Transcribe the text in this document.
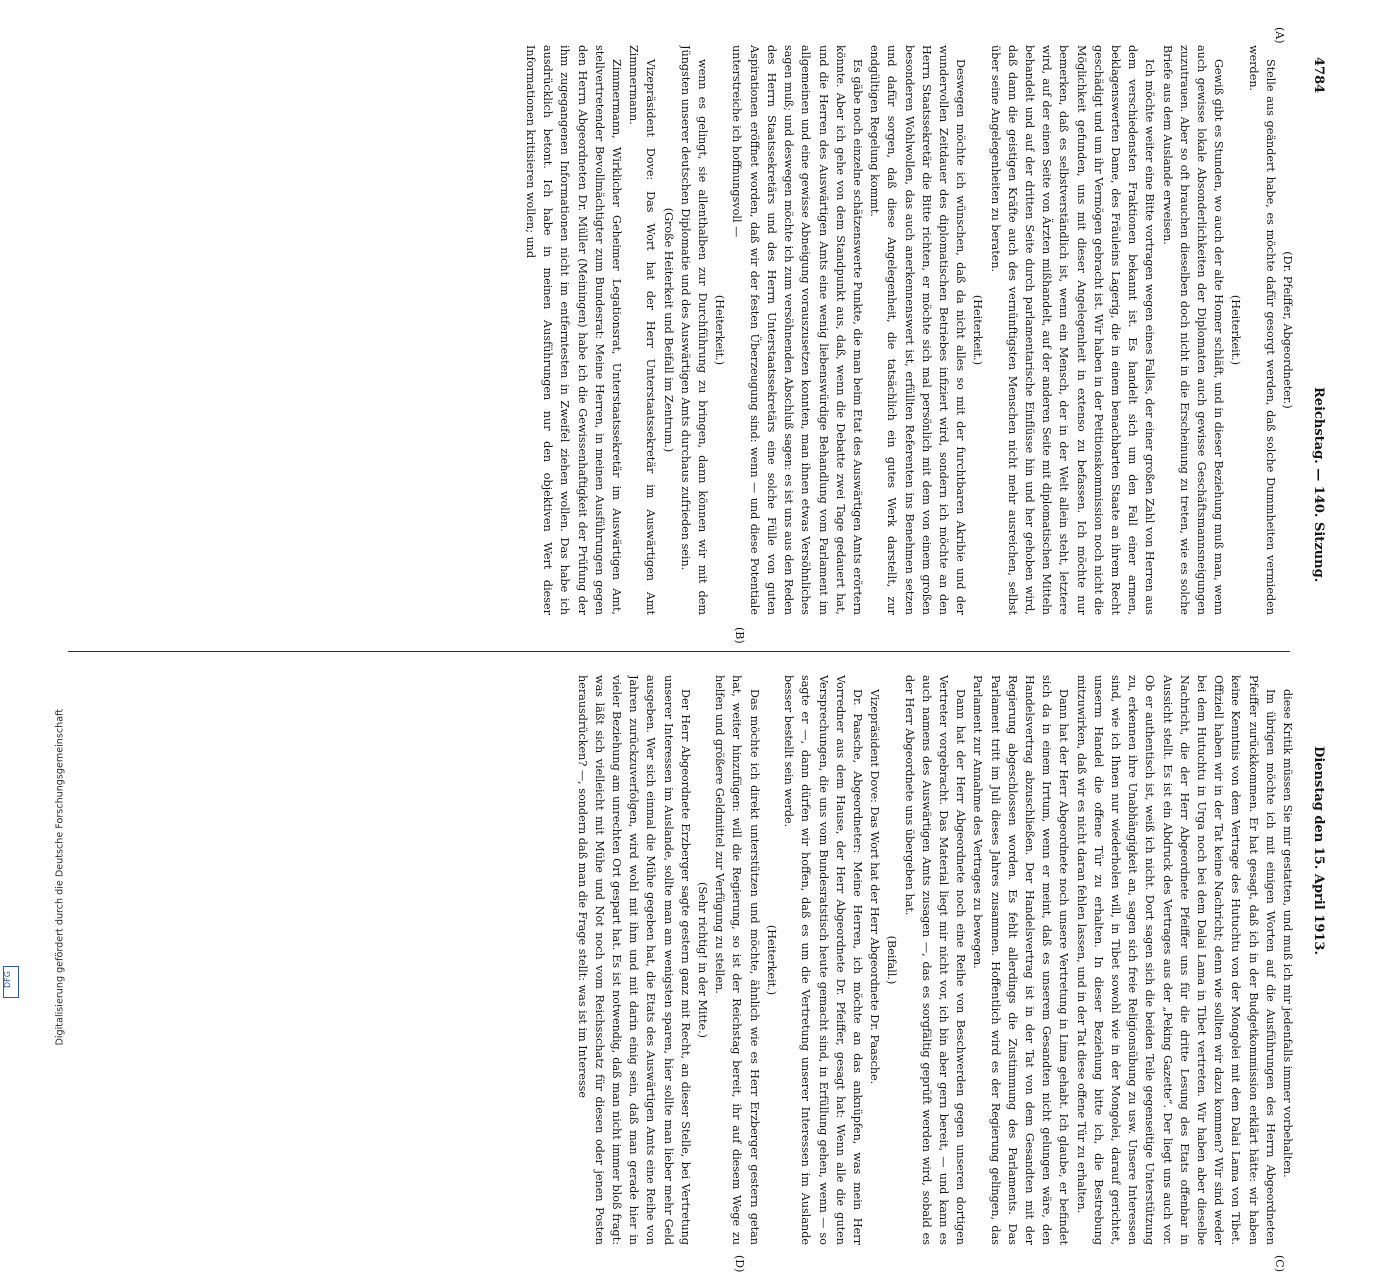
4784
Reichstag. — 140. Sitzung.
Dienstag den 15. April 1913.
(A)
(B)
(C)
(D)

(Dr. Pfeiffer, Abgeordneter.)

Stelle aus geändert habe, es möchte dafür gesorgt werden, daß solche Dummheiten vermieden werden.

(Heiterkeit.)

Gewiß gibt es Stunden, wo auch der alte Homer schläft, und in dieser Beziehung muß man, wenn auch gewisse lokale Absonderlichkeiten der Diplomaten auch gewisse Geschäftsmannsneigungen zuzutrauen. Aber so oft brauchen dieselben doch nicht in die Erscheinung zu treten, wie es solche Briefe aus dem Auslande erweisen.

Ich möchte weiter eine Bitte vortragen wegen eines Falles, der einer großen Zahl von Herren aus dem verschiedensten Fraktionen bekannt ist. Es handelt sich um den Fall einer armen, beklagenswerten Dame, des Fräuleins Lagerig, die in einem benachbarten Staate an ihrem Recht geschädigt und um ihr Vermögen gebracht ist. Wir haben in der Petitionskommission noch nicht die Möglichkeit gefunden, uns mit dieser Angelegenheit in extenso zu befassen. Ich möchte nur bemerken, daß es selbstverständlich ist, wenn ein Mensch, der in der Welt allein steht, letztere wird, auf der einen Seite von Ärzten mißhandelt, auf der anderen Seite mit diplomatischen Mitteln behandelt und auf der dritten Seite durch parlamentarische Einflüsse hin und her gehoben wird, daß dann die geistigen Kräfte auch des vernünftigsten Menschen nicht mehr ausreichen, selbst über seine Angelegenheiten zu beraten.

(Heiterkeit.)

Deswegen möchte ich wünschen, daß da nicht alles so mit der furchtbaren Akribie und der wundervollen Zeitdauer des diplomatischen Betriebes infiziert wird, sondern ich möchte an den Herrn Staatssekretär die Bitte richten, er möchte sich mal persönlich mit dem von einem großen besonderen Wohlwollen, das auch anerkennenswert ist, erfüllten Referenten ins Benehmen setzen und dafür sorgen, daß diese Angelegenheit, die tatsächlich ein gutes Werk darstellt, zur endgültigen Regelung kommt.

Es gäbe noch einzelne schätzenswerte Punkte, die man beim Etat des Auswärtigen Amts erörtern könnte. Aber ich gehe von dem Standpunkt aus, daß, wenn die Debatte zwei Tage gedauert hat, und die Herren des Auswärtigen Amts eine wenig liebenswürdige Behandlung vom Parlament im allgemeinen und eine gewisse Abneigung vorauszusetzen konnten, man ihnen etwas Versöhnliches sagen muß; und deswegen möchte ich zum versöhnenden Abschluß sagen: es ist uns aus den Reden des Herrn Staatssekretärs und des Herrn Unterstaatssekretärs eine solche Fülle von guten Aspirationen eröffnet worden, daß wir der festen Überzeugung sind: wenn — und diese Potentiale unterstreiche ich hoffnungsvoll —

(Heiterkeit.)

wenn es gelingt, sie allenthalben zur Durchführung zu bringen, dann können wir mit dem Jüngsten unserer deutschen Diplomatie und des Auswärtigen Amts durchaus zufrieden sein.

(Große Heiterkeit und Beifall im Zentrum.)

Vizepräsident Dove: Das Wort hat der Herr Unterstaatssekretär im Auswärtigen Amt Zimmermann.

Zimmermann, Wirklicher Geheimer Legationsrat, Unterstaatssekretär im Auswärtigen Amt, stellvertretender Bevollmächtigter zum Bundesrat: Meine Herren, in meinen Ausführungen gegen den Herrn Abgeordneten Dr. Müller (Meiningen) habe ich die Gewissenhaftigkeit der Prüfung der ihm zugegangenen Informationen nicht im entferntesten in Zweifel ziehen wollen. Das habe ich ausdrücklich betont. Ich habe in meinen Ausführungen nur den objektiven Wert dieser Informationen kritisieren wollen; und

diese Kritik müssen Sie mir gestatten, und muß ich mir jedenfalls immer vorbehalten.

Im übrigen möchte ich mit einigen Worten auf die Ausführungen des Herrn Abgeordneten Pfeiffer zurückkommen. Er hat gesagt, daß ich in der Budgetkommission erklärt hätte: wir haben keine Kenntnis von dem Vertrage des Hutuchtu von der Mongolei mit dem Dalai Lama von Tibet. Offiziell haben wir in der Tat keine Nachricht; denn wie sollten wir dazu kommen? Wir sind weder bei dem Hutuchtu in Urga noch bei dem Dalai Lama in Tibet vertreten. Wir haben aber dieselbe Nachricht, die der Herr Abgeordnete Pfeiffer uns für die dritte Lesung des Etats offenbar in Aussicht stellt. Es ist ein Abdruck des Vertrages aus der „Peking Gazette“. Der liegt uns auch vor. Ob er authentisch ist, weiß ich nicht. Dort sagen sich die beiden Teile gegenseitige Unterstützung zu, erkennen ihre Unabhängigkeit an, sagen sich freie Religionsübung zu usw. Unsere Interessen sind, wie ich Ihnen nur wiederholen will, in Tibet sowohl wie in der Mongolei, darauf gerichtet, unserm Handel die offene Tür zu erhalten. In dieser Beziehung bitte ich, die Bestrebung mitzuwirken, daß wir es nicht daran fehlen lassen, und in der Tat diese offene Tür zu erhalten.

Dann hat der Herr Abgeordnete noch unsere Vertretung in Lima gehabt. Ich glaube, er befindet sich da in einem Irrtum, wenn er meint, daß es unserem Gesandten nicht gelungen wäre, den Handelsvertrag abzuschließen. Der Handelsvertrag ist in der Tat von dem Gesandten mit der Regierung abgeschlossen worden. Es fehlt allerdings die Zustimmung des Parlaments. Das Parlament tritt im Juli dieses Jahres zusammen. Hoffentlich wird es der Regierung gelingen, das Parlament zur Annahme des Vertrages zu bewegen.

Dann hat der Herr Abgeordnete noch eine Reihe von Beschwerden gegen unseren dortigen Vertreter vorgebracht. Das Material liegt mir nicht vor, ich bin aber gern bereit, — und kann es auch namens des Auswärtigen Amts zusagen —, das es sorgfältig geprüft werden wird, sobald es der Herr Abgeordnete uns übergeben hat.

(Beifall.)

Vizepräsident Dove: Das Wort hat der Herr Abgeordnete Dr. Paasche.

Dr. Paasche, Abgeordneter: Meine Herren, ich möchte an das anknüpfen, was mein Herr Vorredner aus dem Hause, der Herr Abgeordnete Dr. Pfeiffer, gesagt hat: Wenn alle die guten Versprechungen, die uns vom Bundesratstisch heute gemacht sind, in Erfüllung gehen, wenn — so sagte er —, dann dürfen wir hoffen, daß es um die Vertretung unserer Interessen im Auslande besser bestellt sein werde.

(Heiterkeit.)

Das möchte ich direkt unterstützen und möchte, ähnlich wie es Herr Erzberger gestern getan hat, weiter hinzufügen: will die Regierung, so ist der Reichstag bereit, ihr auf diesem Wege zu helfen und größere Geldmittel zur Verfügung zu stellen.

(Sehr richtig! in der Mitte.)

Der Herr Abgeordnete Erzberger sagte gestern ganz mit Recht, an dieser Stelle, bei Vertretung unserer Interessen im Auslande, sollte man am wenigsten sparen, hier sollte man lieber mehr Geld ausgeben. Wer sich einmal die Mühe gegeben hat, die Etats des Auswärtigen Amts eine Reihe von Jahren zurückzuverfolgen, wird wohl mit ihm und mit darin einig sein, daß man gerade hier in vieler Beziehung am unrechten Ort gespart hat. Es ist notwendig, daß man nicht immer bloß fragt: was läßt sich vielleicht mit Mühe und Not noch vom Reichsschatz für diesen oder jenen Posten herausdrücken? —, sondern daß man die Frage stellt: was ist im Interesse

Digitalisierung gefördert durch die Deutsche Forschungsgemeinschaft
DFG
